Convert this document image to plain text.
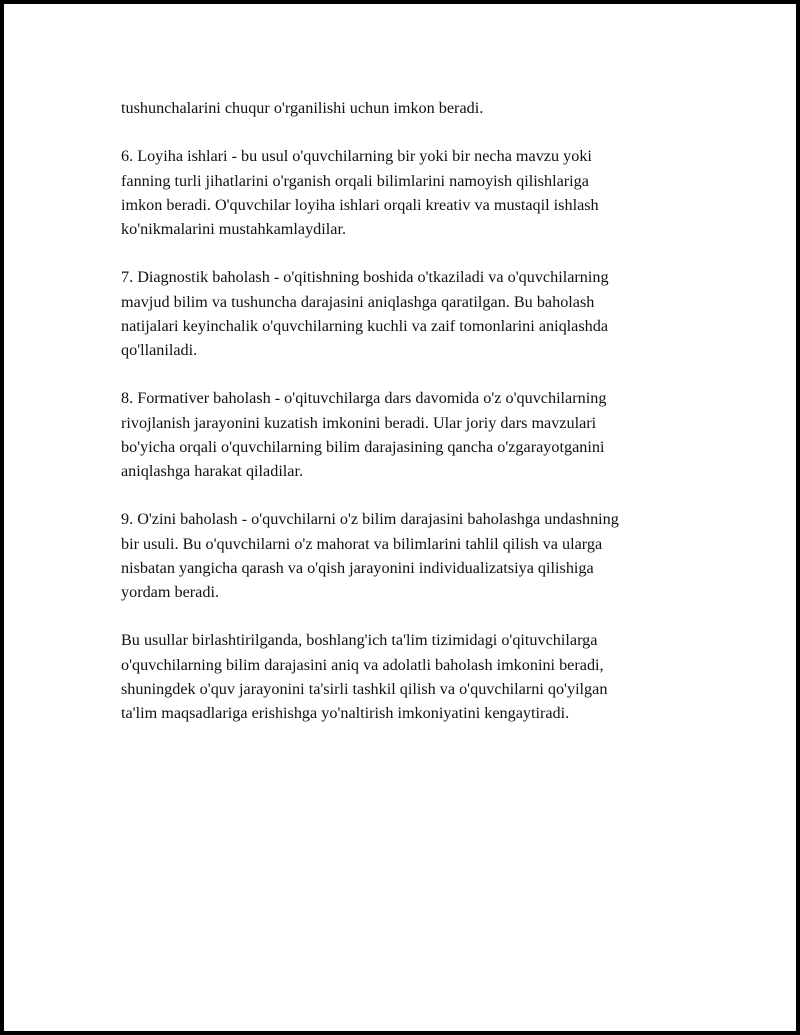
tushunchalarini chuqur o'rganilishi uchun imkon beradi.

6. Loyiha ishlari - bu usul o'quvchilarning bir yoki bir necha mavzu yoki
fanning turli jihatlarini o'rganish orqali bilimlarini namoyish qilishlariga
imkon beradi. O'quvchilar loyiha ishlari orqali kreativ va mustaqil ishlash
ko'nikmalarini mustahkamlaydilar.

7. Diagnostik baholash - o'qitishning boshida o'tkaziladi va o'quvchilarning
mavjud bilim va tushuncha darajasini aniqlashga qaratilgan. Bu baholash
natijalari keyinchalik o'quvchilarning kuchli va zaif tomonlarini aniqlashda
qo'llaniladi.

8. Formativer baholash - o'qituvchilarga dars davomida o'z o'quvchilarning
rivojlanish jarayonini kuzatish imkonini beradi. Ular joriy dars mavzulari
bo'yicha orqali o'quvchilarning bilim darajasining qancha o'zgarayotganini
aniqlashga harakat qiladilar.

9. O'zini baholash - o'quvchilarni o'z bilim darajasini baholashga undashning
bir usuli. Bu o'quvchilarni o'z mahorat va bilimlarini tahlil qilish va ularga
nisbatan yangicha qarash va o'qish jarayonini individualizatsiya qilishiga
yordam beradi.

Bu usullar birlashtirilganda, boshlang'ich ta'lim tizimidagi o'qituvchilarga
o'quvchilarning bilim darajasini aniq va adolatli baholash imkonini beradi,
shuningdek o'quv jarayonini ta'sirli tashkil qilish va o'quvchilarni qo'yilgan
ta'lim maqsadlariga erishishga yo'naltirish imkoniyatini kengaytiradi.
